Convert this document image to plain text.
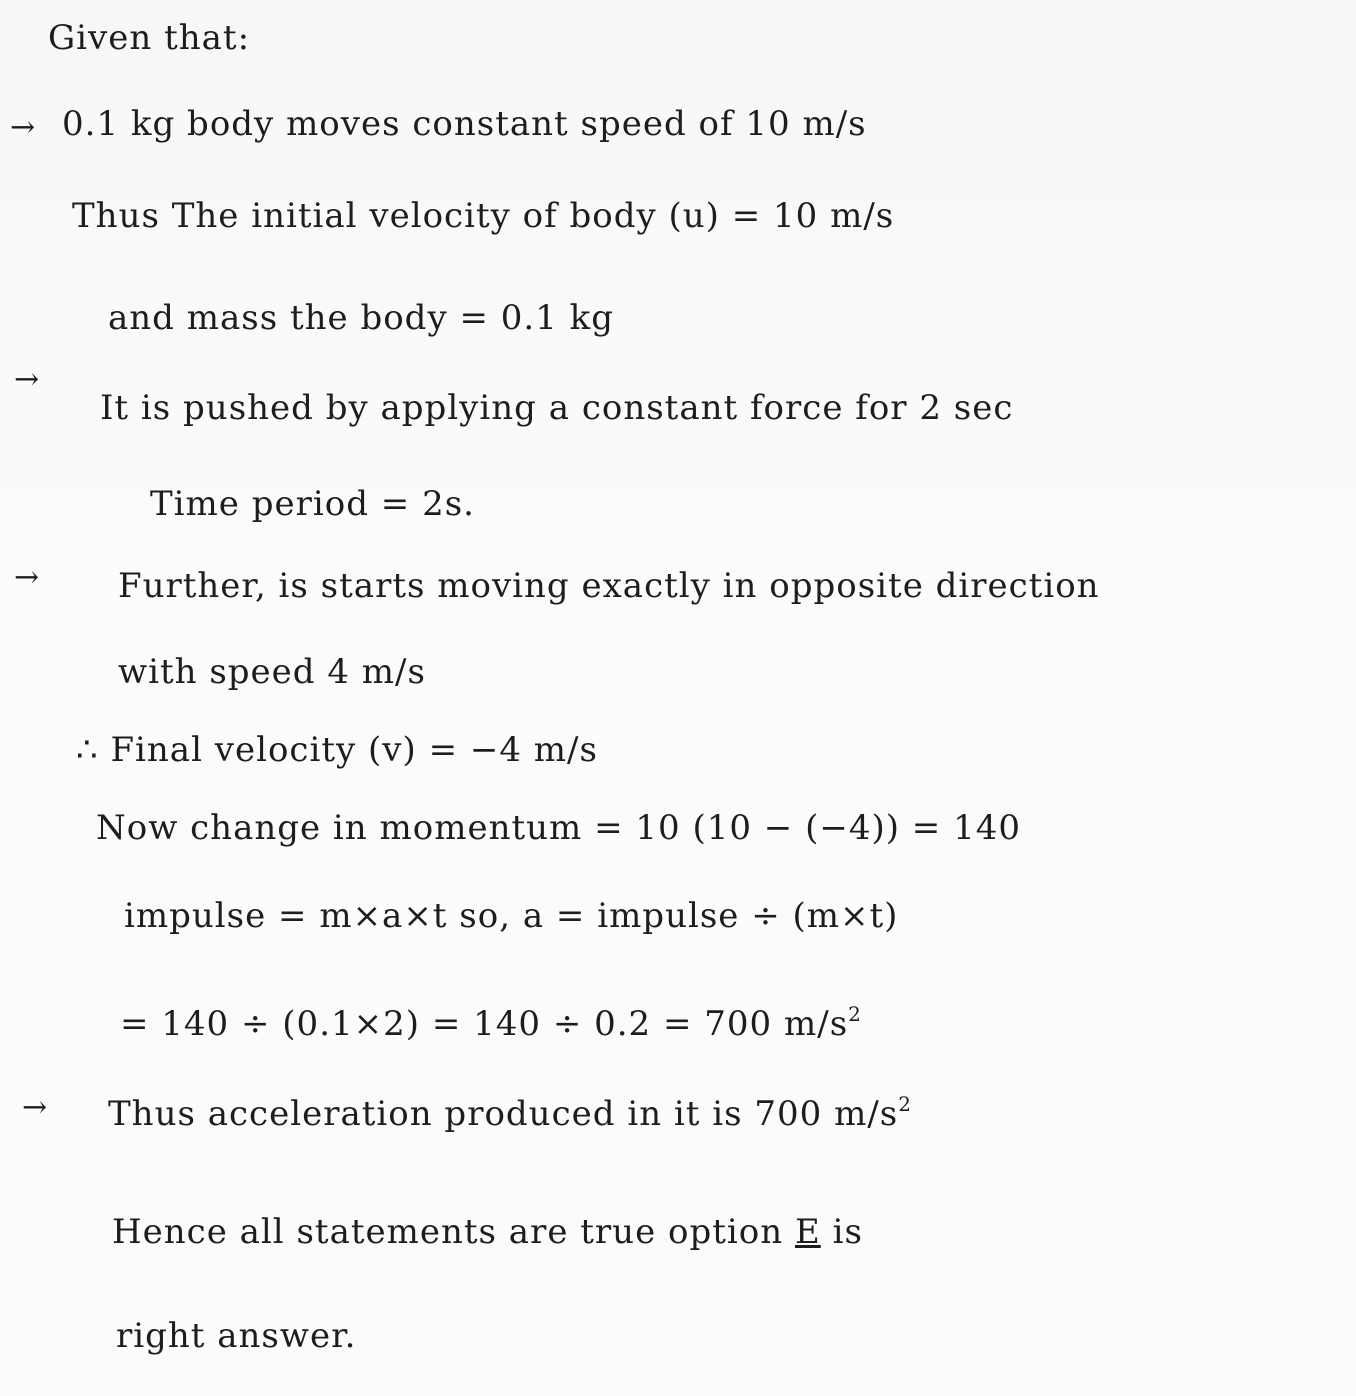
Given that:
→ 0.1 kg body moves constant speed of 10 m/s
Thus The initial velocity of body (u) = 10 m/s
and mass the body = 0.1 kg
→
It is pushed by applying a constant force for 2 sec
Time period = 2s.
→ Further, is starts moving exactly in opposite direction
with speed 4 m/s
∴ Final velocity (v) = −4 m/s
Now change in momentum = 10 (10 − (−4)) = 140
impulse = m×a×t so, a = impulse ÷ (m×t)
= 140 ÷ (0.1×2) = 140 ÷ 0.2 = 700 $m/s^2$
→ Thus acceleration produced in it is 700 $m/s^2$
Hence all statements are true option E is
right answer.
